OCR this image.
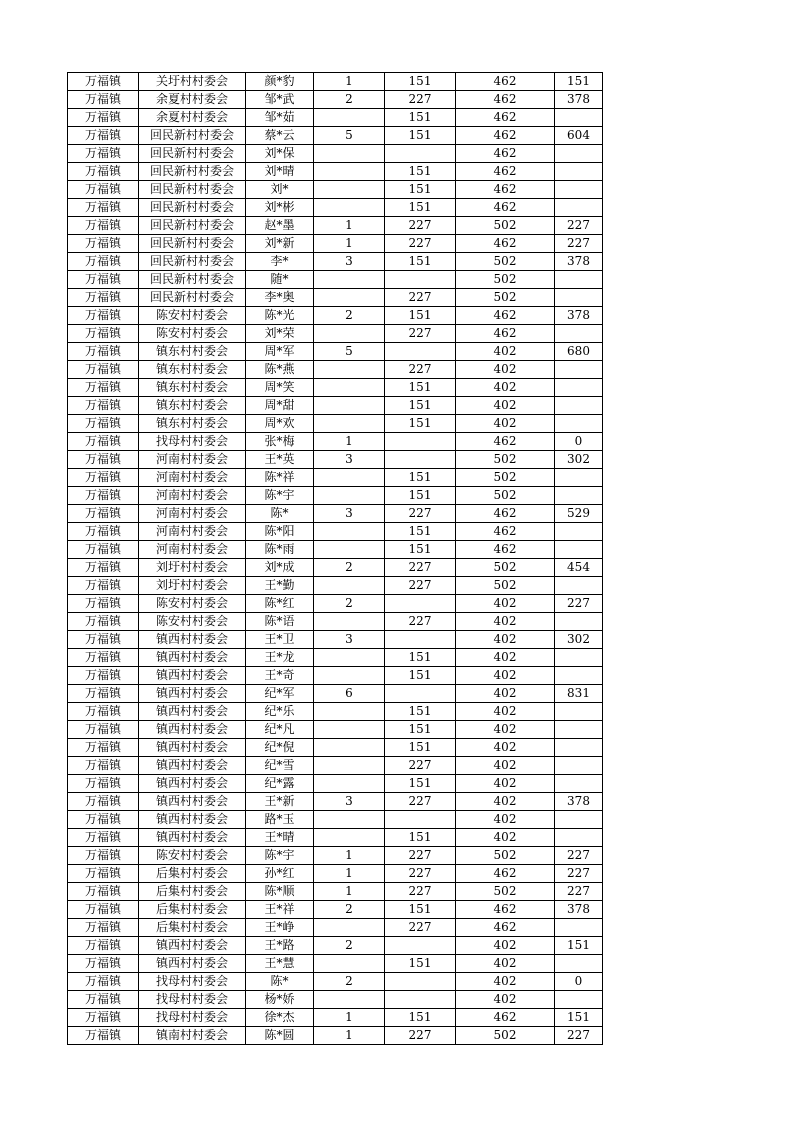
万福镇	关圩村村委会	颜*豹	1	151	462	151
万福镇	余夏村村委会	邹*武	2	227	462	378
万福镇	余夏村村委会	邹*茹		151	462	
万福镇	回民新村村委会	蔡*云	5	151	462	604
万福镇	回民新村村委会	刘*保			462	
万福镇	回民新村村委会	刘*晴		151	462	
万福镇	回民新村村委会	刘*		151	462	
万福镇	回民新村村委会	刘*彬		151	462	
万福镇	回民新村村委会	赵*墨	1	227	502	227
万福镇	回民新村村委会	刘*新	1	227	462	227
万福镇	回民新村村委会	李*	3	151	502	378
万福镇	回民新村村委会	随*			502	
万福镇	回民新村村委会	李*奥		227	502	
万福镇	陈安村村委会	陈*光	2	151	462	378
万福镇	陈安村村委会	刘*荣		227	462	
万福镇	镇东村村委会	周*军	5		402	680
万福镇	镇东村村委会	陈*燕		227	402	
万福镇	镇东村村委会	周*笑		151	402	
万福镇	镇东村村委会	周*甜		151	402	
万福镇	镇东村村委会	周*欢		151	402	
万福镇	找母村村委会	张*梅	1		462	0
万福镇	河南村村委会	王*英	3		502	302
万福镇	河南村村委会	陈*祥		151	502	
万福镇	河南村村委会	陈*宇		151	502	
万福镇	河南村村委会	陈*	3	227	462	529
万福镇	河南村村委会	陈*阳		151	462	
万福镇	河南村村委会	陈*雨		151	462	
万福镇	刘圩村村委会	刘*成	2	227	502	454
万福镇	刘圩村村委会	王*勤		227	502	
万福镇	陈安村村委会	陈*红	2		402	227
万福镇	陈安村村委会	陈*语		227	402	
万福镇	镇西村村委会	王*卫	3		402	302
万福镇	镇西村村委会	王*龙		151	402	
万福镇	镇西村村委会	王*奇		151	402	
万福镇	镇西村村委会	纪*军	6		402	831
万福镇	镇西村村委会	纪*乐		151	402	
万福镇	镇西村村委会	纪*凡		151	402	
万福镇	镇西村村委会	纪*倪		151	402	
万福镇	镇西村村委会	纪*雪		227	402	
万福镇	镇西村村委会	纪*露		151	402	
万福镇	镇西村村委会	王*新	3	227	402	378
万福镇	镇西村村委会	路*玉			402	
万福镇	镇西村村委会	王*晴		151	402	
万福镇	陈安村村委会	陈*宇	1	227	502	227
万福镇	后集村村委会	孙*红	1	227	462	227
万福镇	后集村村委会	陈*顺	1	227	502	227
万福镇	后集村村委会	王*祥	2	151	462	378
万福镇	后集村村委会	王*峥		227	462	
万福镇	镇西村村委会	王*路	2		402	151
万福镇	镇西村村委会	王*慧		151	402	
万福镇	找母村村委会	陈*	2		402	0
万福镇	找母村村委会	杨*娇			402	
万福镇	找母村村委会	徐*杰	1	151	462	151
万福镇	镇南村村委会	陈*圆	1	227	502	227
